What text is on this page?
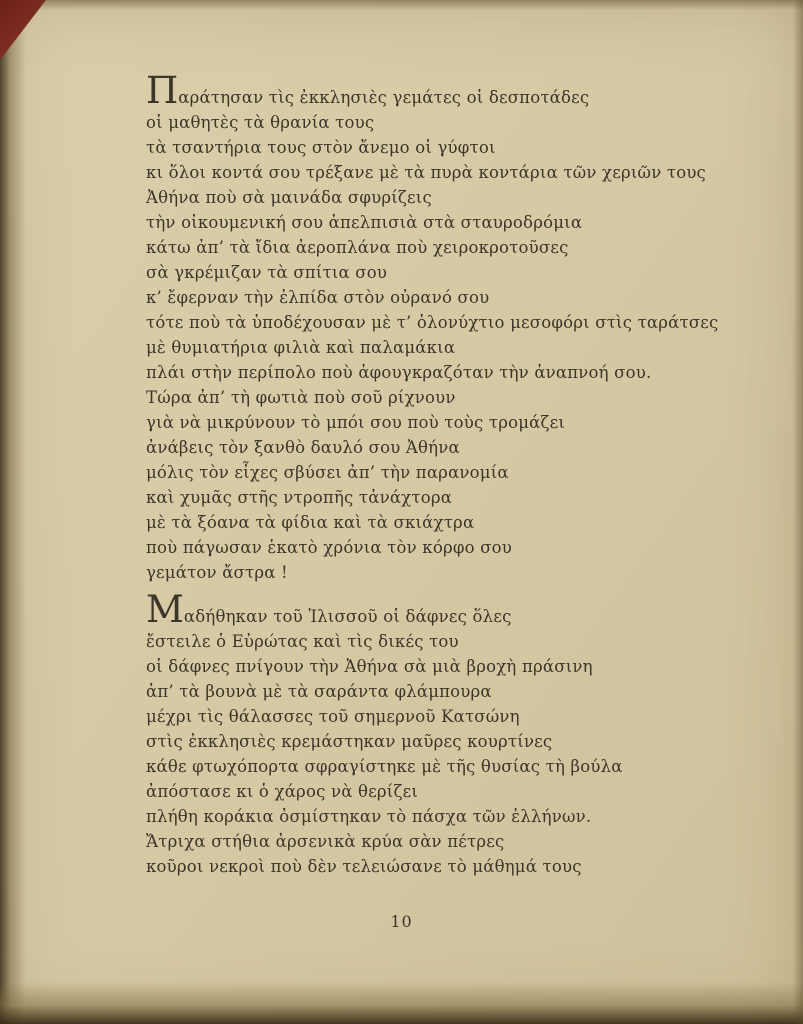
Παράτησαν τὶς ἐκκλησιὲς γεμάτες οἱ δεσποτάδες
οἱ μαθητὲς τὰ θρανία τους
τὰ τσαντήρια τους στὸν ἄνεμο οἱ γύφτοι
κι ὅλοι κοντά σου τρέξανε μὲ τὰ πυρὰ κοντάρια τῶν χεριῶν τους
Ἀθήνα ποὺ σὰ μαινάδα σφυρίζεις
τὴν οἰκουμενική σου ἀπελπισιὰ στὰ σταυροδρόμια
κάτω ἀπ’ τὰ ἴδια ἀεροπλάνα ποὺ χειροκροτοῦσες
σὰ γκρέμιζαν τὰ σπίτια σου
κ’ ἔφερναν τὴν ἐλπίδα στὸν οὐρανό σου
τότε ποὺ τὰ ὑποδέχουσαν μὲ τ’ ὁλονύχτιο μεσοφόρι στὶς ταράτσες
μὲ θυμιατήρια φιλιὰ καὶ παλαμάκια
πλάι στὴν περίπολο ποὺ ἀφουγκραζόταν τὴν ἀναπνοή σου.
Τώρα ἀπ’ τὴ φωτιὰ ποὺ σοῦ ρίχνουν
γιὰ νὰ μικρύνουν τὸ μπόι σου ποὺ τοὺς τρομάζει
ἀνάβεις τὸν ξανθὸ δαυλό σου Ἀθήνα
μόλις τὸν εἶχες σβύσει ἀπ’ τὴν παρανομία
καὶ χυμᾶς στῆς ντροπῆς τἀνάχτορα
μὲ τὰ ξόανα τὰ φίδια καὶ τὰ σκιάχτρα
ποὺ πάγωσαν ἑκατὸ χρόνια τὸν κόρφο σου
γεμάτον ἄστρα !
Μαδήθηκαν τοῦ Ἰλισσοῦ οἱ δάφνες ὅλες
ἔστειλε ὁ Εὐρώτας καὶ τὶς δικές του
οἱ δάφνες πνίγουν τὴν Ἀθήνα σὰ μιὰ βροχὴ πράσινη
ἀπ’ τὰ βουνὰ μὲ τὰ σαράντα φλάμπουρα
μέχρι τὶς θάλασσες τοῦ σημερνοῦ Κατσώνη
στὶς ἐκκλησιὲς κρεμάστηκαν μαῦρες κουρτίνες
κάθε φτωχόπορτα σφραγίστηκε μὲ τῆς θυσίας τὴ βούλα
ἀπόστασε κι ὁ χάρος νὰ θερίζει
πλήθη κοράκια ὀσμίστηκαν τὸ πάσχα τῶν ἑλλήνων.
Ἄτριχα στήθια ἀρσενικὰ κρύα σὰν πέτρες
κοῦροι νεκροὶ ποὺ δὲν τελειώσανε τὸ μάθημά τους
10
